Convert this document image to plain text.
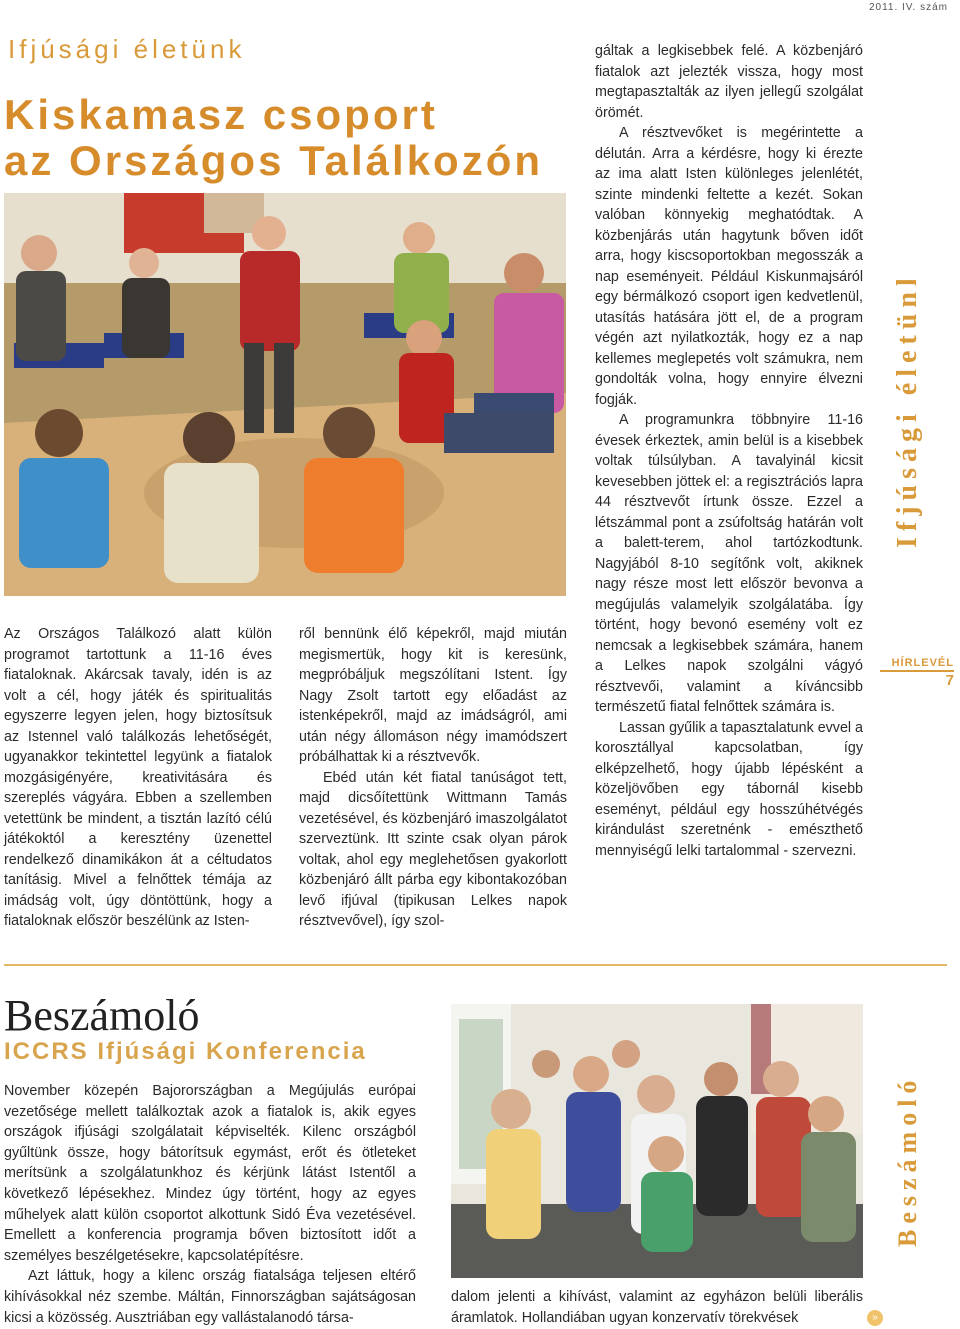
2011. IV. szám
Ifjúsági életünk
Kiskamasz csoport
az Országos Találkozón

Az Országos Találkozó alatt külön programot tartottunk a 11-16 éves fiataloknak. Akárcsak tavaly, idén is az volt a cél, hogy játék és spiritualitás egyszerre legyen jelen, hogy biztosítsuk az Istennel való találkozás lehetőségét, ugyanakkor tekintettel legyünk a fiatalok mozgásigényére, kreativitására és szereplés vágyára. Ebben a szellemben vetettünk be mindent, a tisztán lazító célú játékoktól a keresztény üzenettel rendelkező dinamikákon át a céltudatos tanításig. Mivel a felnőttek témája az imádság volt, úgy döntöttünk, hogy a fiataloknak először beszélünk az Isten-

ről bennünk élő képekről, majd miután megismertük, hogy kit is keresünk, megpróbáljuk megszólítani Istent. Így Nagy Zsolt tartott egy előadást az istenképekről, majd az imádságról, ami után négy állomáson négy imamódszert próbálhattak ki a résztvevők.

Ebéd után két fiatal tanúságot tett, majd dicsőítettünk Wittmann Tamás vezetésével, és közbenjáró imaszolgálatot szerveztünk. Itt szinte csak olyan párok voltak, ahol egy meglehetősen gyakorlott közbenjáró állt párba egy kibontakozóban levő ifjúval (tipikusan Lelkes napok résztvevővel), így szol-

gáltak a legkisebbek felé. A közbenjáró fiatalok azt jelezték vissza, hogy most megtapasztalták az ilyen jellegű szolgálat örömét.

A résztvevőket is megérintette a délután. Arra a kérdésre, hogy ki érezte az ima alatt Isten különleges jelenlétét, szinte mindenki feltette a kezét. Sokan valóban könnyekig meghatódtak. A közbenjárás után hagytunk bőven időt arra, hogy kiscsoportokban megosszák a nap eseményeit. Például Kiskunmajsáról egy bérmálkozó csoport igen kedvetlenül, utasítás hatására jött el, de a program végén azt nyilatkozták, hogy ez a nap kellemes meglepetés volt számukra, nem gondolták volna, hogy ennyire élvezni fogják.

A programunkra többnyire 11-16 évesek érkeztek, amin belül is a kisebbek voltak túlsúlyban. A tavalyinál kicsit kevesebben jöttek el: a regisztrációs lapra 44 résztvevőt írtunk össze. Ezzel a létszámmal pont a zsúfoltság határán volt a balett-terem, ahol tartózkodtunk. Nagyjából 8-10 segítőnk volt, akiknek nagy része most lett először bevonva a megújulás valamelyik szolgálatába. Így történt, hogy bevonó esemény volt ez nemcsak a legkisebbek számára, hanem a Lelkes napok szolgálni vágyó résztvevői, valamint a kíváncsibb természetű fiatal felnőttek számára is.

Lassan gyűlik a tapasztalatunk evvel a korosztállyal kapcsolatban, így elképzelhető, hogy újabb lépésként a közeljövőben egy tábornál kisebb eseményt, például egy hosszúhétvégés kirándulást szeretnénk - emészthető mennyiségű lelki tartalommal - szervezni.

Ifjúsági életünk
HÍRLEVÉL
7
Beszámoló
ICCRS Ifjúsági Konferencia

November közepén Bajorországban a Megújulás európai vezetősége mellett találkoztak azok a fiatalok is, akik egyes országok ifjúsági szolgálatait képviselték. Kilenc országból gyűltünk össze, hogy bátorítsuk egymást, erőt és ötleteket merítsünk a szolgálatunkhoz és kérjünk látást Istentől a következő lépésekhez. Mindez úgy történt, hogy az egyes műhelyek alatt külön csoportot alkottunk Sidó Éva vezetésével. Emellett a konferencia programja bőven biztosított időt a személyes beszélgetésekre, kapcsolatépítésre.

Azt láttuk, hogy a kilenc ország fiatalsága teljesen eltérő kihívásokkal néz szembe. Máltán, Finnországban sajátságosan kicsi a közösség. Ausztriában egy vallástalanodó társa-

dalom jelenti a kihívást, valamint az egyházon belüli liberális áramlatok. Hollandiában ugyan konzervatív törekvések	»
Beszámoló
